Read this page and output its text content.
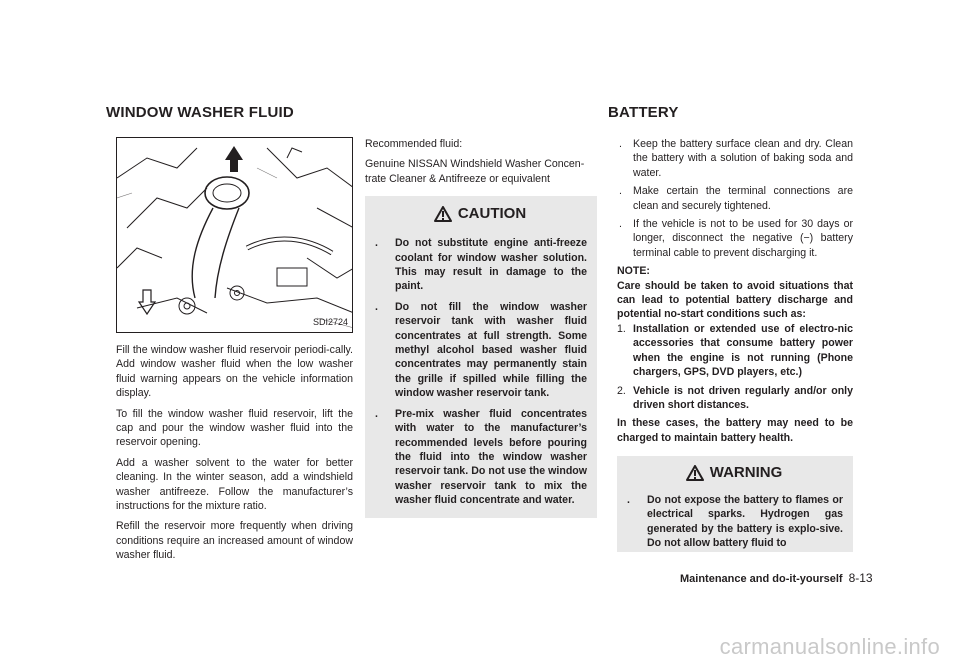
WINDOW WASHER FLUID	BATTERY
SDI2724

Fill the window washer fluid reservoir periodi-cally. Add window washer fluid when the low washer fluid warning appears on the vehicle information display.

To fill the window washer fluid reservoir, lift the cap and pour the window washer fluid into the reservoir opening.

Add a washer solvent to the water for better cleaning. In the winter season, add a windshield washer antifreeze. Follow the manufacturer’s instructions for the mixture ratio.

Refill the reservoir more frequently when driving conditions require an increased amount of window washer fluid.

Recommended fluid:

Genuine NISSAN Windshield Washer Concen-trate Cleaner & Antifreeze or equivalent

CAUTION
.	Do not substitute engine anti-freeze coolant for window washer solution. This may result in damage to the paint.
.	Do not fill the window washer reservoir tank with washer fluid concentrates at full strength. Some methyl alcohol based washer fluid concentrates may permanently stain the grille if spilled while filling the window washer reservoir tank.
.	Pre-mix washer fluid concentrates with water to the manufacturer’s recommended levels before pouring the fluid into the window washer reservoir tank. Do not use the window washer reservoir tank to mix the washer fluid concentrate and water.
.	Keep the battery surface clean and dry. Clean the battery with a solution of baking soda and water.
.	Make certain the terminal connections are clean and securely tightened.
.	If the vehicle is not to be used for 30 days or longer, disconnect the negative (−) battery terminal cable to prevent discharging it.

NOTE:

Care should be taken to avoid situations that can lead to potential battery discharge and potential no-start conditions such as:

1. Installation or extended use of electro-nic accessories that consume battery power when the engine is not running (Phone chargers, GPS, DVD players, etc.)
2. Vehicle is not driven regularly and/or only driven short distances.

In these cases, the battery may need to be charged to maintain battery health.

WARNING
.	Do not expose the battery to flames or electrical sparks. Hydrogen gas generated by the battery is explo-sive. Do not allow battery fluid to
Maintenance and do-it-yourself 8-13
carmanualsonline.info
